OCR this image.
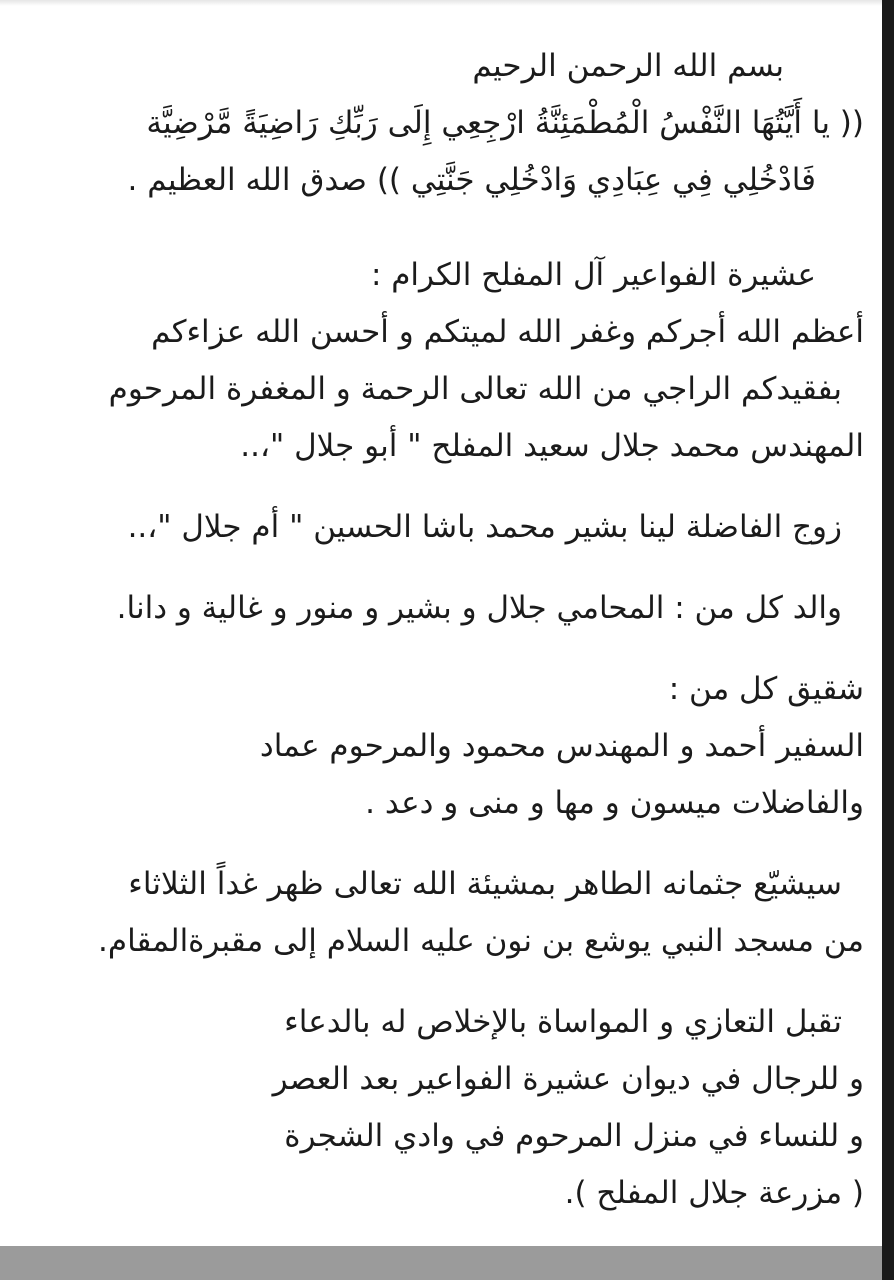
بسم الله الرحمن الرحيم
(( يا أَيَّتُهَا النَّفْسُ الْمُطْمَئِنَّةُ ارْجِعِي إِلَى رَبِّكِ رَاضِيَةً مَّرْضِيَّة
فَادْخُلِي فِي عِبَادِي وَادْخُلِي جَنَّتِي )) صدق الله العظيم .
عشيرة الفواعير آل المفلح الكرام :
أعظم الله أجركم وغفر الله لميتكم و أحسن الله عزاءكم
بفقيدكم الراجي من الله تعالى الرحمة و المغفرة المرحوم
المهندس محمد جلال سعيد المفلح " أبو جلال "،..
زوج الفاضلة لينا بشير محمد باشا الحسين " أم جلال "،..
والد كل من : المحامي جلال و بشير و منور و غالية و دانا.
شقيق كل من :
السفير أحمد و المهندس محمود والمرحوم عماد
والفاضلات ميسون و مها و منى و دعد .
سيشيّع جثمانه الطاهر بمشيئة الله تعالى ظهر غداً الثلاثاء
من مسجد النبي يوشع بن نون عليه السلام إلى مقبرةالمقام.
تقبل التعازي و المواساة بالإخلاص له بالدعاء
و للرجال في ديوان عشيرة الفواعير بعد العصر
و للنساء في منزل المرحوم في وادي الشجرة
( مزرعة جلال المفلح ).
